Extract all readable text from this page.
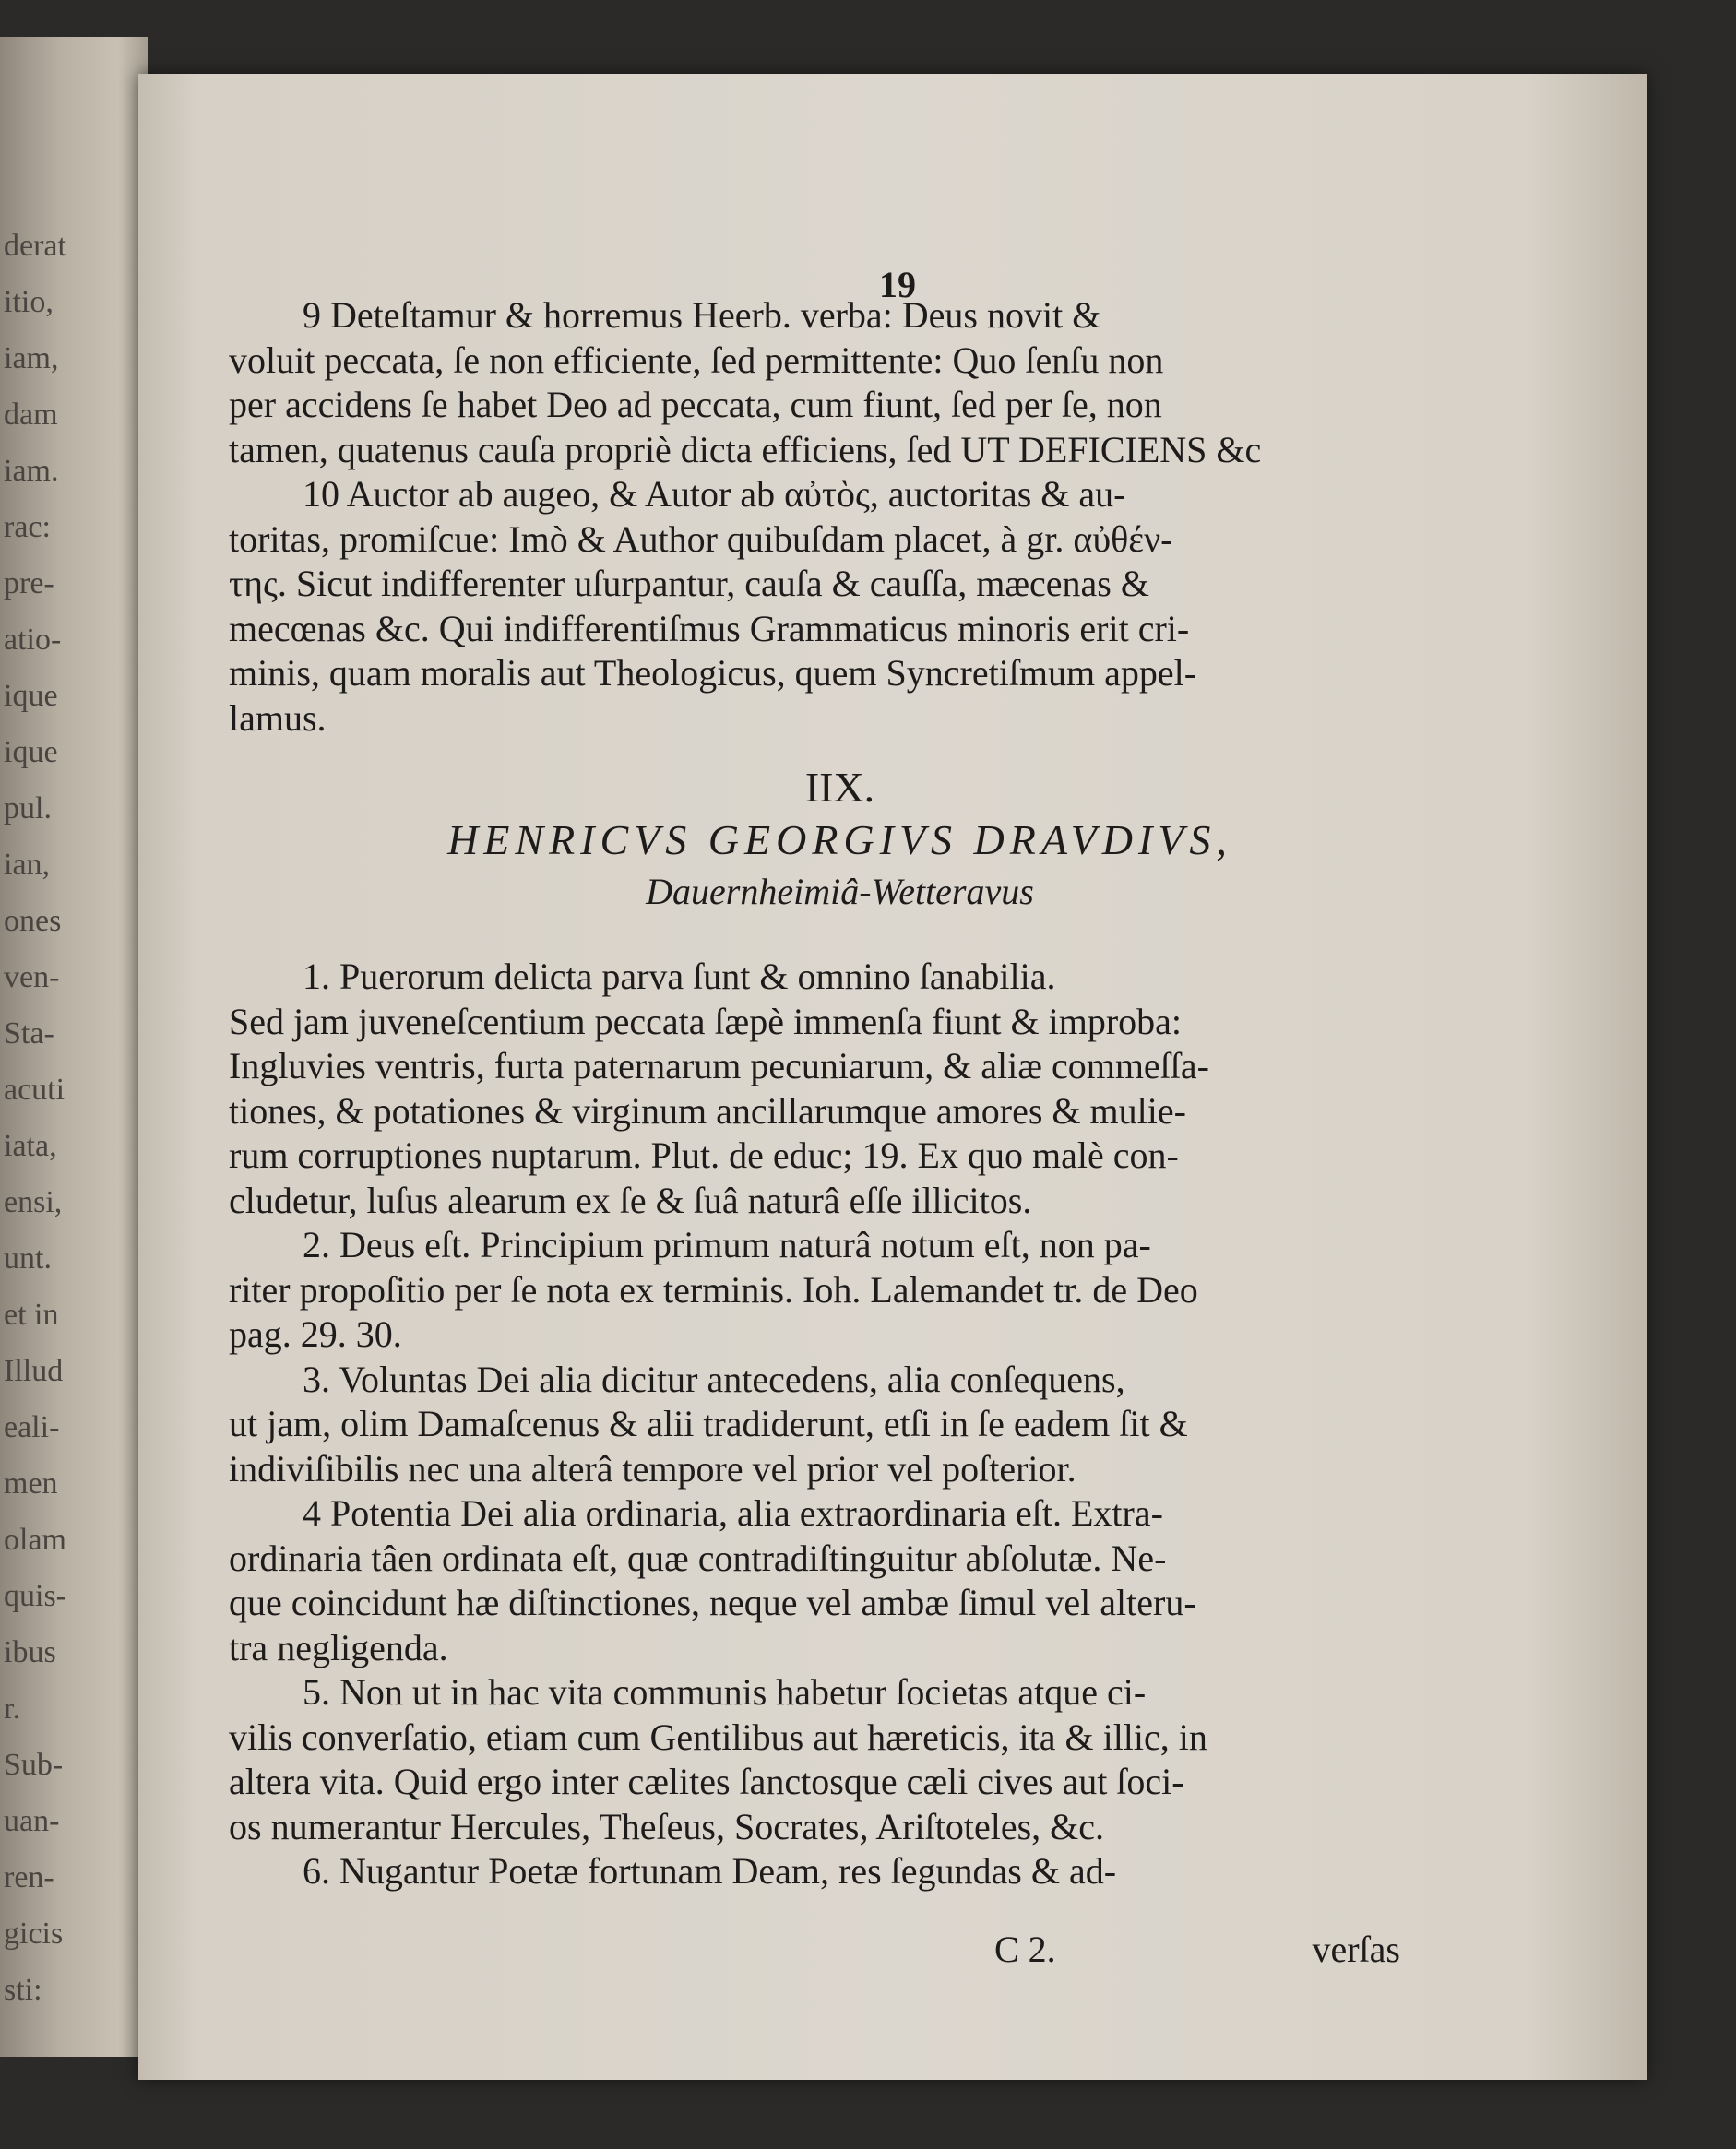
derat
itio,
iam,
dam
iam.
rac:
pre-
atio-
ique
ique
pul.
ian,
ones
ven-
Sta-
acuti
iata,
ensi,
unt.
et in
Illud
eali-
men
olam
quis-
ibus
r.
Sub-
uan-
ren-
gicis
sti:
9 Deteſtamur & horremus Heerb. verba: Deus novit &
voluit peccata, ſe non efficiente, ſed permittente: Quo ſenſu non
per accidens ſe habet Deo ad peccata, cum fiunt, ſed per ſe, non
tamen, quatenus cauſa propriè dicta efficiens, ſed UT DEFICIENS &c
10 Auctor ab augeo, & Autor ab αὐτὸς, auctoritas & au-
toritas, promiſcue: Imò & Author quibuſdam placet, à gr. αὐθέν-
της. Sicut indifferenter uſurpantur, cauſa & cauſſa, mæcenas &
mecœnas &c. Qui indifferentiſmus Grammaticus minoris erit cri-
minis, quam moralis aut Theologicus, quem Syncretiſmum appel-
lamus.
IIX.
HENRICVS GEORGIVS DRAVDIVS,
Dauernheimiâ-Wetteravus
1. Puerorum delicta parva ſunt & omnino ſanabilia.
Sed jam juveneſcentium peccata ſæpè immenſa fiunt & improba:
Ingluvies ventris, furta paternarum pecuniarum, & aliæ commeſſa-
tiones, & potationes & virginum ancillarumque amores & mulie-
rum corruptiones nuptarum. Plut. de educ; 19. Ex quo malè con-
cludetur, luſus alearum ex ſe & ſuâ naturâ eſſe illicitos.
2. Deus eſt. Principium primum naturâ notum eſt, non pa-
riter propoſitio per ſe nota ex terminis. Ioh. Lalemandet tr. de Deo
pag. 29. 30.
3. Voluntas Dei alia dicitur antecedens, alia conſequens,
ut jam, olim Damaſcenus & alii tradiderunt, etſi in ſe eadem ſit &
indiviſibilis nec una alterâ tempore vel prior vel poſterior.
4 Potentia Dei alia ordinaria, alia extraordinaria eſt. Extra-
ordinaria tâen ordinata eſt, quæ contradiſtinguitur abſolutæ. Ne-
que coincidunt hæ diſtinctiones, neque vel ambæ ſimul vel alteru-
tra negligenda.
5. Non ut in hac vita communis habetur ſocietas atque ci-
vilis converſatio, etiam cum Gentilibus aut hæreticis, ita & illic, in
altera vita. Quid ergo inter cælites ſanctosque cæli cives aut ſoci-
os numerantur Hercules, Theſeus, Socrates, Ariſtoteles, &c.
6. Nugantur Poetæ fortunam Deam, res ſegundas & ad-
19
C 2.	verſas
